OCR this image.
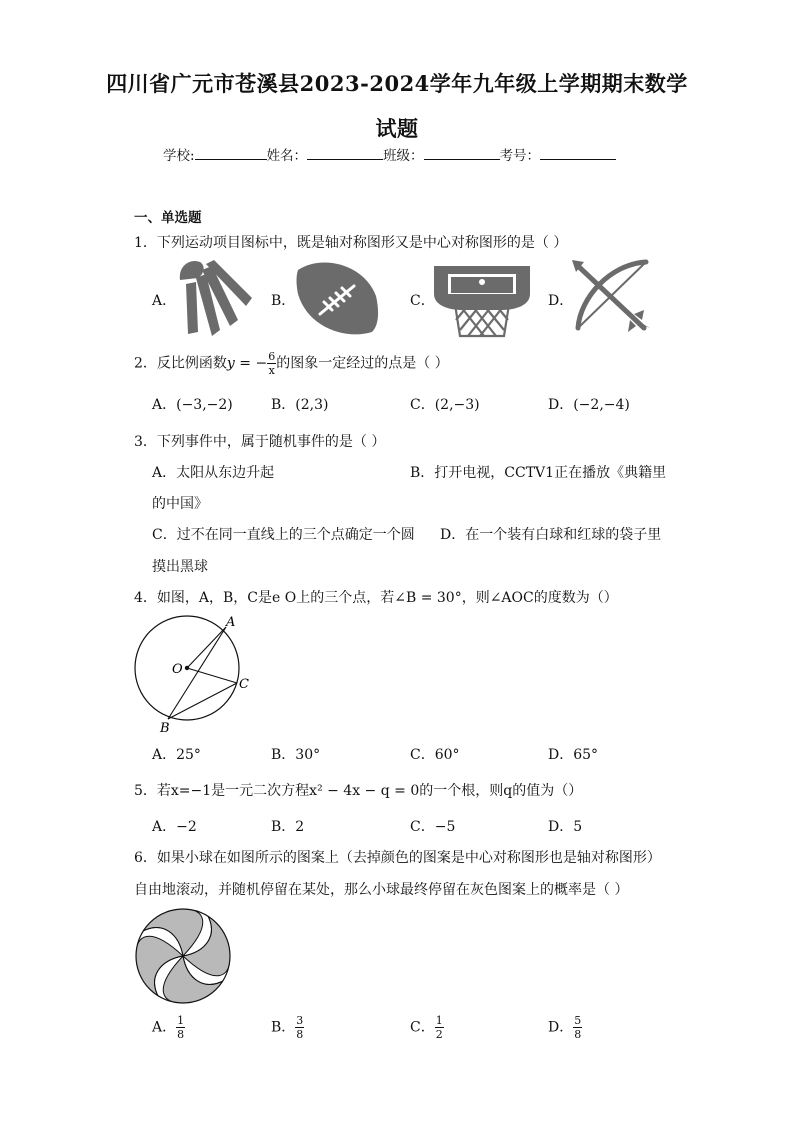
四川省广元市苍溪县2023-2024学年九年级上学期期末数学
试题
学校:	姓名：	班级：	考号：
一、单选题
1．下列运动项目图标中，既是轴对称图形又是中心对称图形的是（ ）
A．	B．	C．	D．
2．反比例函数y = − $\frac{6}{x}$ 的图象一定经过的点是（ ）
A．(−3,−2)	B．(2,3)	C．(2,−3)	D．(−2,−4)
3．下列事件中，属于随机事件的是（ ）
A．太阳从东边升起	B．打开电视，CCTV1正在播放《典籍里
的中国》
C．过不在同一直线上的三个点确定一个圆 D．在一个装有白球和红球的袋子里
摸出黑球
4．如图，A，B，C是e O上的三个点，若∠B = 30°，则∠AOC的度数为（）
A
C
B
O
A．25°	B．30°	C．60°	D．65°
5．若x=−1是一元二次方程x² − 4x − q = 0的一个根，则q的值为（）
A．−2	B．2	C．−5	D．5
6．如果小球在如图所示的图案上（去掉颜色的图案是中心对称图形也是轴对称图形）
自由地滚动，并随机停留在某处，那么小球最终停留在灰色图案上的概率是（ ）
A． $\frac{1}{8}$	B． $\frac{3}{8}$	C． $\frac{1}{2}$	D． $\frac{5}{8}$
